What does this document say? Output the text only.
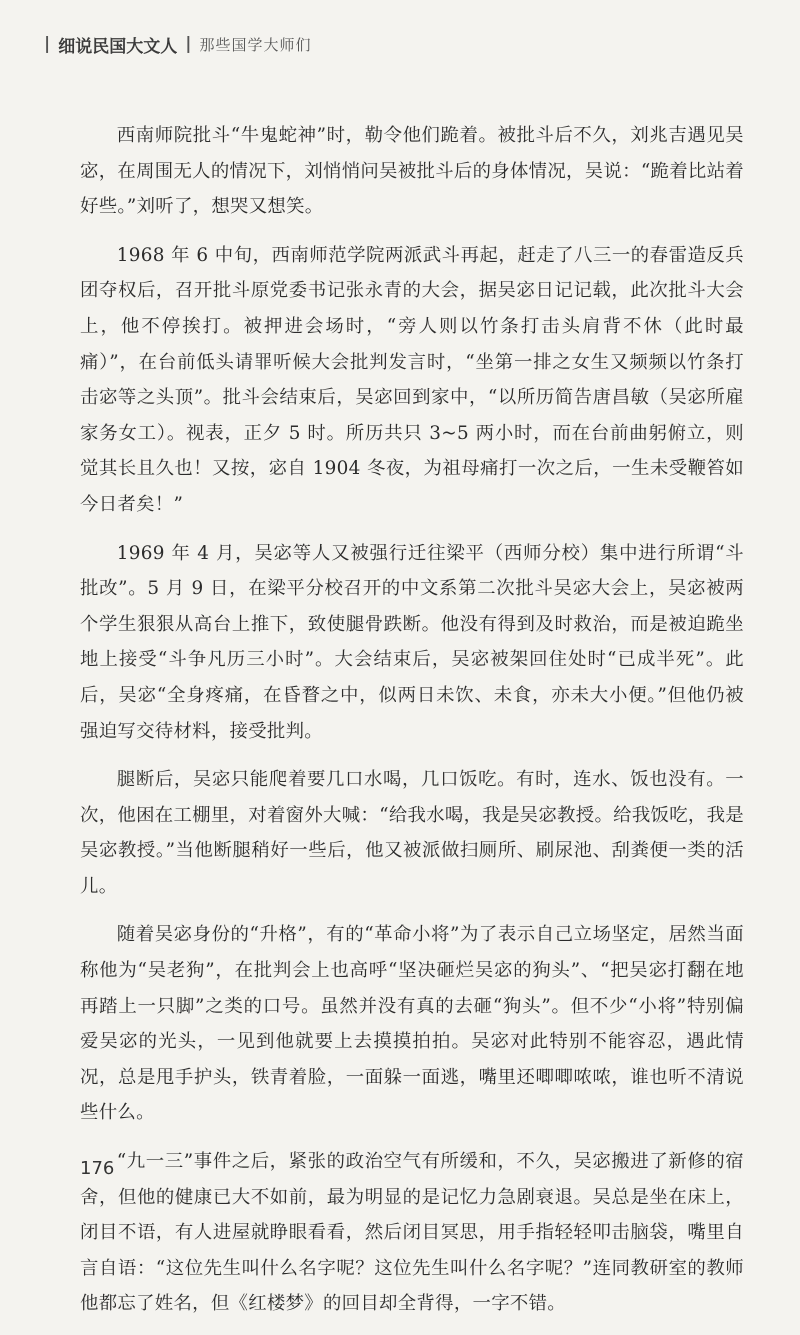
| 细说民国大文人 | 那些国学大师们

西南师院批斗“牛鬼蛇神”时，勒令他们跪着。被批斗后不久，刘兆吉遇见吴宓，在周围无人的情况下，刘悄悄问吴被批斗后的身体情况，吴说：“跪着比站着好些。”刘听了，想哭又想笑。

1968 年 6 中旬，西南师范学院两派武斗再起，赶走了八三一的春雷造反兵团夺权后，召开批斗原党委书记张永青的大会，据吴宓日记记载，此次批斗大会上，他不停挨打。被押进会场时，“旁人则以竹条打击头肩背不休（此时最痛）”，在台前低头请罪听候大会批判发言时，“坐第一排之女生又频频以竹条打击宓等之头顶”。批斗会结束后，吴宓回到家中，“以所历简告唐昌敏（吴宓所雇家务女工）。视表，正夕 5 时。所历共只 3~5 两小时，而在台前曲躬俯立，则觉其长且久也！又按，宓自 1904 冬夜，为祖母痛打一次之后，一生未受鞭笞如今日者矣！”

1969 年 4 月，吴宓等人又被强行迁往梁平（西师分校）集中进行所谓“斗批改”。5 月 9 日，在梁平分校召开的中文系第二次批斗吴宓大会上，吴宓被两个学生狠狠从高台上推下，致使腿骨跌断。他没有得到及时救治，而是被迫跪坐地上接受“斗争凡历三小时”。大会结束后，吴宓被架回住处时“已成半死”。此后，吴宓“全身疼痛，在昏瞀之中，似两日未饮、未食，亦未大小便。”但他仍被强迫写交待材料，接受批判。

腿断后，吴宓只能爬着要几口水喝，几口饭吃。有时，连水、饭也没有。一次，他困在工棚里，对着窗外大喊：“给我水喝，我是吴宓教授。给我饭吃，我是吴宓教授。”当他断腿稍好一些后，他又被派做扫厕所、刷尿池、刮粪便一类的活儿。

随着吴宓身份的“升格”，有的“革命小将”为了表示自己立场坚定，居然当面称他为“吴老狗”，在批判会上也高呼“坚决砸烂吴宓的狗头”、“把吴宓打翻在地再踏上一只脚”之类的口号。虽然并没有真的去砸“狗头”。但不少“小将”特别偏爱吴宓的光头，一见到他就要上去摸摸拍拍。吴宓对此特别不能容忍，遇此情况，总是甩手护头，铁青着脸，一面躲一面逃，嘴里还唧唧哝哝，谁也听不清说些什么。

“九一三”事件之后，紧张的政治空气有所缓和，不久，吴宓搬进了新修的宿舍，但他的健康已大不如前，最为明显的是记忆力急剧衰退。吴总是坐在床上，闭目不语，有人进屋就睁眼看看，然后闭目冥思，用手指轻轻叩击脑袋，嘴里自言自语：“这位先生叫什么名字呢？这位先生叫什么名字呢？”连同教研室的教师他都忘了姓名，但《红楼梦》的回目却全背得，一字不错。

176
